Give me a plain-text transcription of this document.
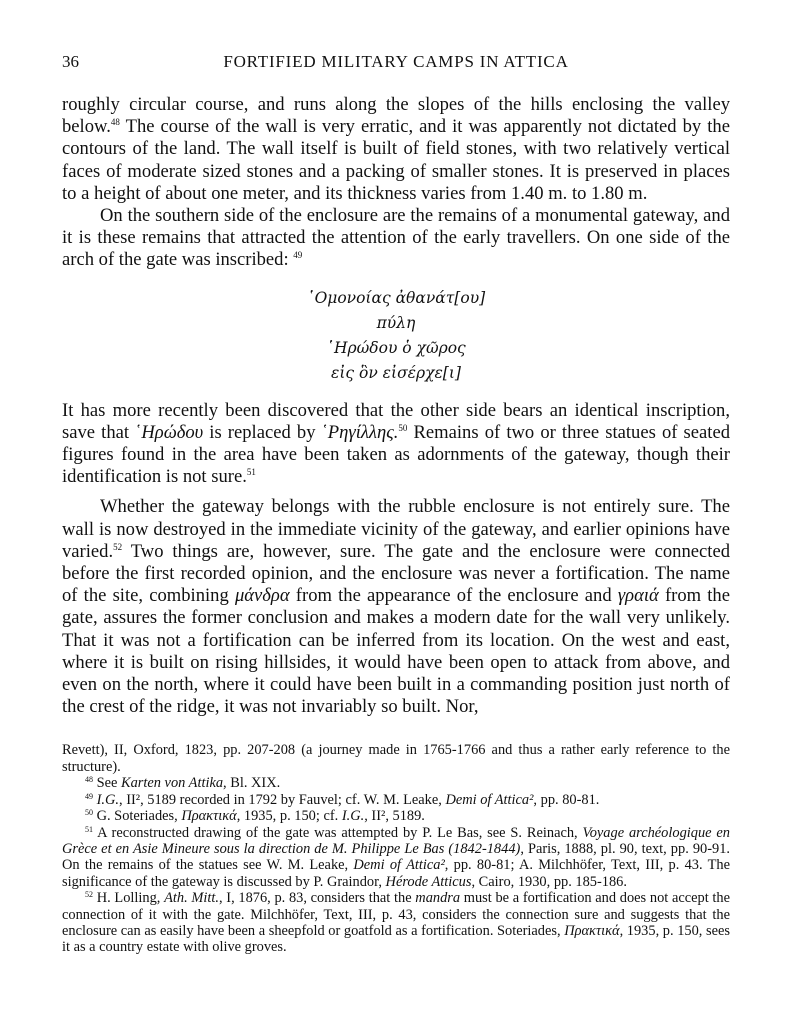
36	FORTIFIED MILITARY CAMPS IN ATTICA

roughly circular course, and runs along the slopes of the hills enclosing the valley below.$^{48}$ The course of the wall is very erratic, and it was apparently not dictated by the contours of the land. The wall itself is built of field stones, with two relatively vertical faces of moderate sized stones and a packing of smaller stones. It is preserved in places to a height of about one meter, and its thickness varies from 1.40 m. to 1.80 m.

On the southern side of the enclosure are the remains of a monumental gateway, and it is these remains that attracted the attention of the early travellers. On one side of the arch of the gate was inscribed: $^{49}$

῾Ομονοίας ἀθανάτ[ου]
πύλη
῾Ηρώδου ὁ χῶρος
εἰς ὃν εἰσέρχε[ι]

It has more recently been discovered that the other side bears an identical inscription, save that ῾Ηρώδου is replaced by ῾Ρηγίλλης.$^{50}$ Remains of two or three statues of seated figures found in the area have been taken as adornments of the gateway, though their identification is not sure.$^{51}$

Whether the gateway belongs with the rubble enclosure is not entirely sure. The wall is now destroyed in the immediate vicinity of the gateway, and earlier opinions have varied.$^{52}$ Two things are, however, sure. The gate and the enclosure were connected before the first recorded opinion, and the enclosure was never a fortification. The name of the site, combining μάνδρα from the appearance of the enclosure and γραιά from the gate, assures the former conclusion and makes a modern date for the wall very unlikely. That it was not a fortification can be inferred from its location. On the west and east, where it is built on rising hillsides, it would have been open to attack from above, and even on the north, where it could have been built in a commanding position just north of the crest of the ridge, it was not invariably so built. Nor,

Revett), II, Oxford, 1823, pp. 207-208 (a journey made in 1765-1766 and thus a rather early reference to the structure).

$^{48}$ See Karten von Attika, Bl. XIX.

$^{49}$ I.G., II², 5189 recorded in 1792 by Fauvel; cf. W. M. Leake, Demi of Attica², pp. 80-81.

$^{50}$ G. Soteriades, Πρακτικά, 1935, p. 150; cf. I.G., II², 5189.

$^{51}$ A reconstructed drawing of the gate was attempted by P. Le Bas, see S. Reinach, Voyage archéologique en Grèce et en Asie Mineure sous la direction de M. Philippe Le Bas (1842-1844), Paris, 1888, pl. 90, text, pp. 90-91. On the remains of the statues see W. M. Leake, Demi of Attica², pp. 80-81; A. Milchhöfer, Text, III, p. 43. The significance of the gateway is discussed by P. Graindor, Hérode Atticus, Cairo, 1930, pp. 185-186.

$^{52}$ H. Lolling, Ath. Mitt., I, 1876, p. 83, considers that the mandra must be a fortification and does not accept the connection of it with the gate. Milchhöfer, Text, III, p. 43, considers the connection sure and suggests that the enclosure can as easily have been a sheepfold or goatfold as a fortification. Soteriades, Πρακτικά, 1935, p. 150, sees it as a country estate with olive groves.
